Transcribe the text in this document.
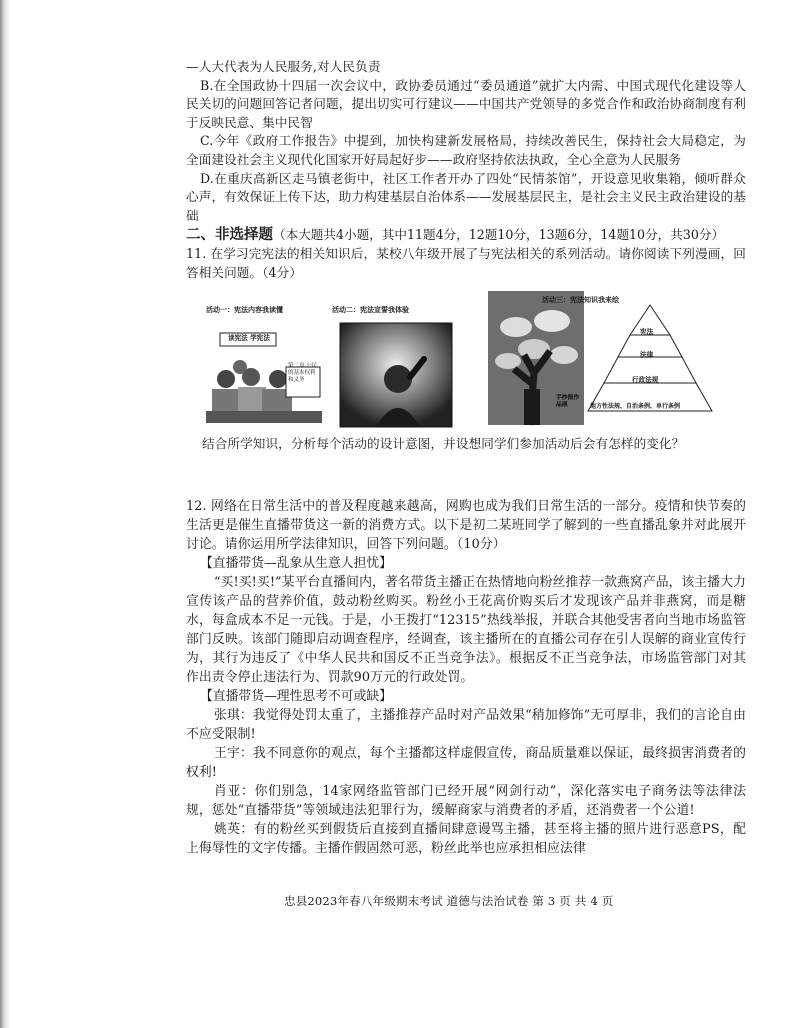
—人大代表为人民服务,对人民负责

B.在全国政协十四届一次会议中，政协委员通过“委员通道”就扩大内需、中国式现代化建设等人民关切的问题回答记者问题，提出切实可行建议——中国共产党领导的多党合作和政治协商制度有利于反映民意、集中民智

C.今年《政府工作报告》中提到，加快构建新发展格局，持续改善民生，保持社会大局稳定，为全面建设社会主义现代化国家开好局起好步——政府坚持依法执政，全心全意为人民服务

D.在重庆高新区走马镇老街中，社区工作者开办了四处“民情茶馆”，开设意见收集箱，倾听群众心声，有效保证上传下达，助力构建基层自治体系——发展基层民主，是社会主义民主政治建设的基础

二、非选择题（本大题共4小题，其中11题4分，12题10分，13题6分，14题10分，共30分）

11. 在学习完宪法的相关知识后，某校八年级开展了与宪法相关的系列活动。请你阅读下列漫画，回答相关问题。（4分）

活动一：宪法内容我读懂
读宪法 学宪法
第二章 公民的基本权利和义务
活动二：宪法宣誓我体验
手抄报作品展
活动三：宪法知识我来绘
宪法
法律
行政法规
地方性法规、自治条例、单行条例

结合所学知识，分析每个活动的设计意图，并设想同学们参加活动后会有怎样的变化？

12. 网络在日常生活中的普及程度越来越高，网购也成为我们日常生活的一部分。疫情和快节奏的生活更是催生直播带货这一新的消费方式。以下是初二某班同学了解到的一些直播乱象并对此展开讨论。请你运用所学法律知识，回答下列问题。（10分）

【直播带货—乱象从生意人担忧】

“买!买!买!”某平台直播间内，著名带货主播正在热情地向粉丝推荐一款燕窝产品，该主播大力宣传该产品的营养价值，鼓动粉丝购买。粉丝小王花高价购买后才发现该产品并非燕窝，而是糖水，每盒成本不足一元钱。于是，小王拨打“12315”热线举报，并联合其他受害者向当地市场监管部门反映。该部门随即启动调查程序，经调查，该主播所在的直播公司存在引人误解的商业宣传行为，其行为违反了《中华人民共和国反不正当竞争法》。根据反不正当竞争法，市场监管部门对其作出责令停止违法行为、罚款90万元的行政处罚。

【直播带货—理性思考不可或缺】

张琪：我觉得处罚太重了，主播推荐产品时对产品效果“稍加修饰”无可厚非，我们的言论自由不应受限制!

王宇：我不同意你的观点，每个主播都这样虚假宣传，商品质量难以保证，最终损害消费者的权利!

肖亚：你们别急，14家网络监管部门已经开展“网剑行动”，深化落实电子商务法等法律法规，惩处“直播带货”等领域违法犯罪行为，缓解商家与消费者的矛盾，还消费者一个公道!

姚英：有的粉丝买到假货后直接到直播间肆意谩骂主播，甚至将主播的照片进行恶意PS，配上侮辱性的文字传播。主播作假固然可恶，粉丝此举也应承担相应法律

忠县2023年春八年级期末考试 道德与法治试卷 第 3 页 共 4 页
